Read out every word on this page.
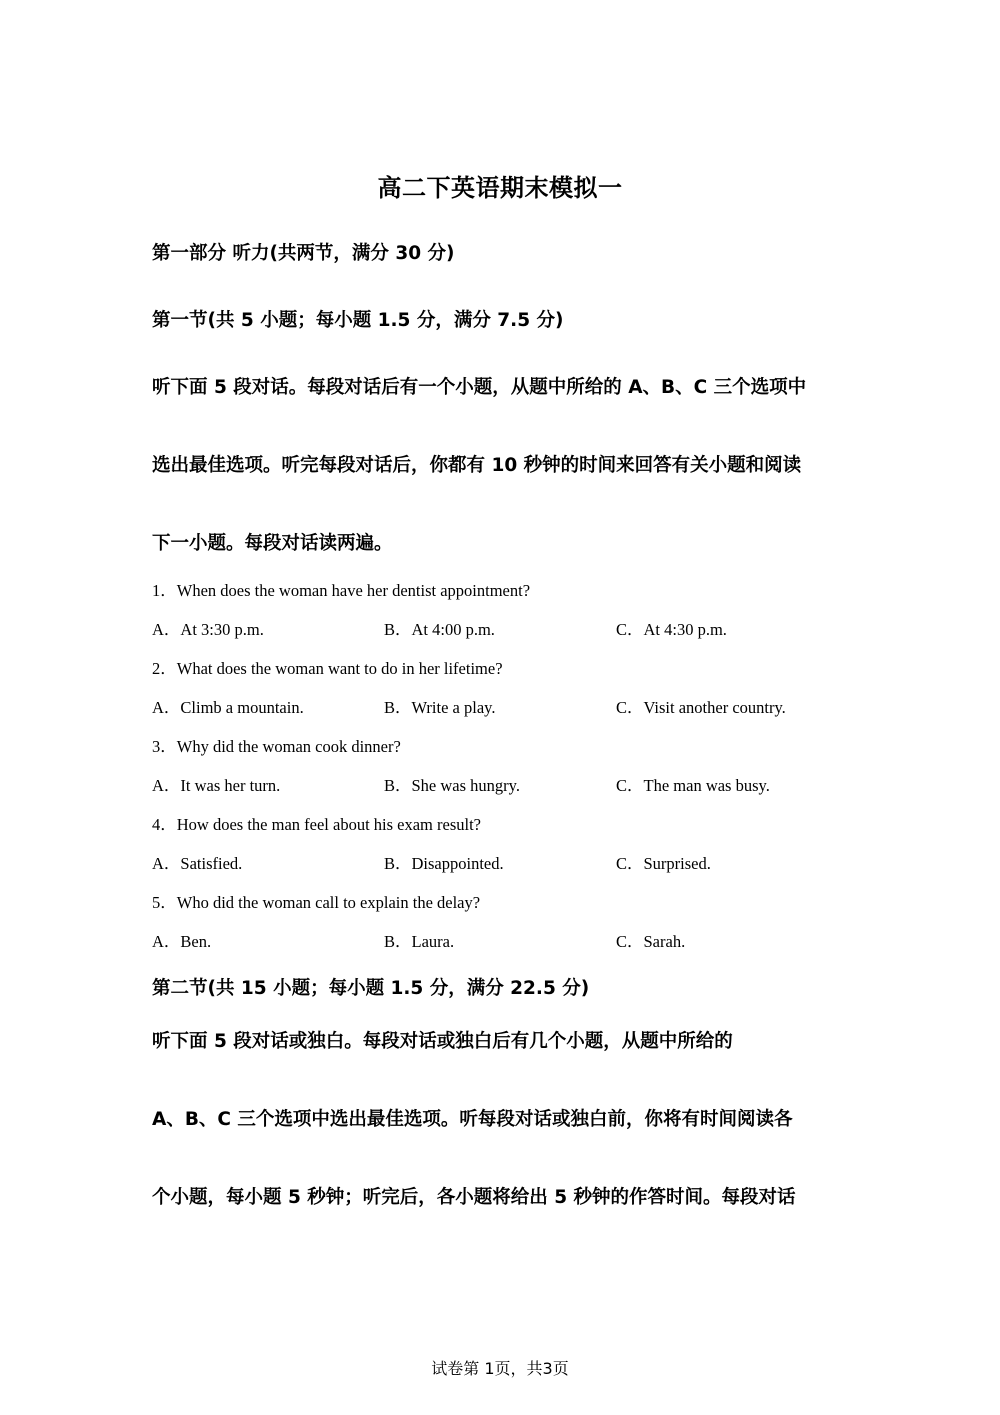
高二下英语期末模拟一

第一部分 听力(共两节，满分 30 分)

第一节(共 5 小题；每小题 1.5 分，满分 7.5 分)

听下面 5 段对话。每段对话后有一个小题，从题中所给的 A、B、C 三个选项中
选出最佳选项。听完每段对话后，你都有 10 秒钟的时间来回答有关小题和阅读
下一小题。每段对话读两遍。

1．When does the woman have her dentist appointment?
A．At 3:30 p.m.	B．At 4:00 p.m.	C．At 4:30 p.m.
2．What does the woman want to do in her lifetime?
A．Climb a mountain.	B．Write a play.	C．Visit another country.
3．Why did the woman cook dinner?
A．It was her turn.	B．She was hungry.	C．The man was busy.
4．How does the man feel about his exam result?
A．Satisfied.	B．Disappointed.	C．Surprised.
5．Who did the woman call to explain the delay?
A．Ben.	B．Laura.	C．Sarah.

第二节(共 15 小题；每小题 1.5 分，满分 22.5 分)

听下面 5 段对话或独白。每段对话或独白后有几个小题，从题中所给的
A、B、C 三个选项中选出最佳选项。听每段对话或独白前，你将有时间阅读各
个小题，每小题 5 秒钟；听完后，各小题将给出 5 秒钟的作答时间。每段对话

试卷第 1页，共3页
